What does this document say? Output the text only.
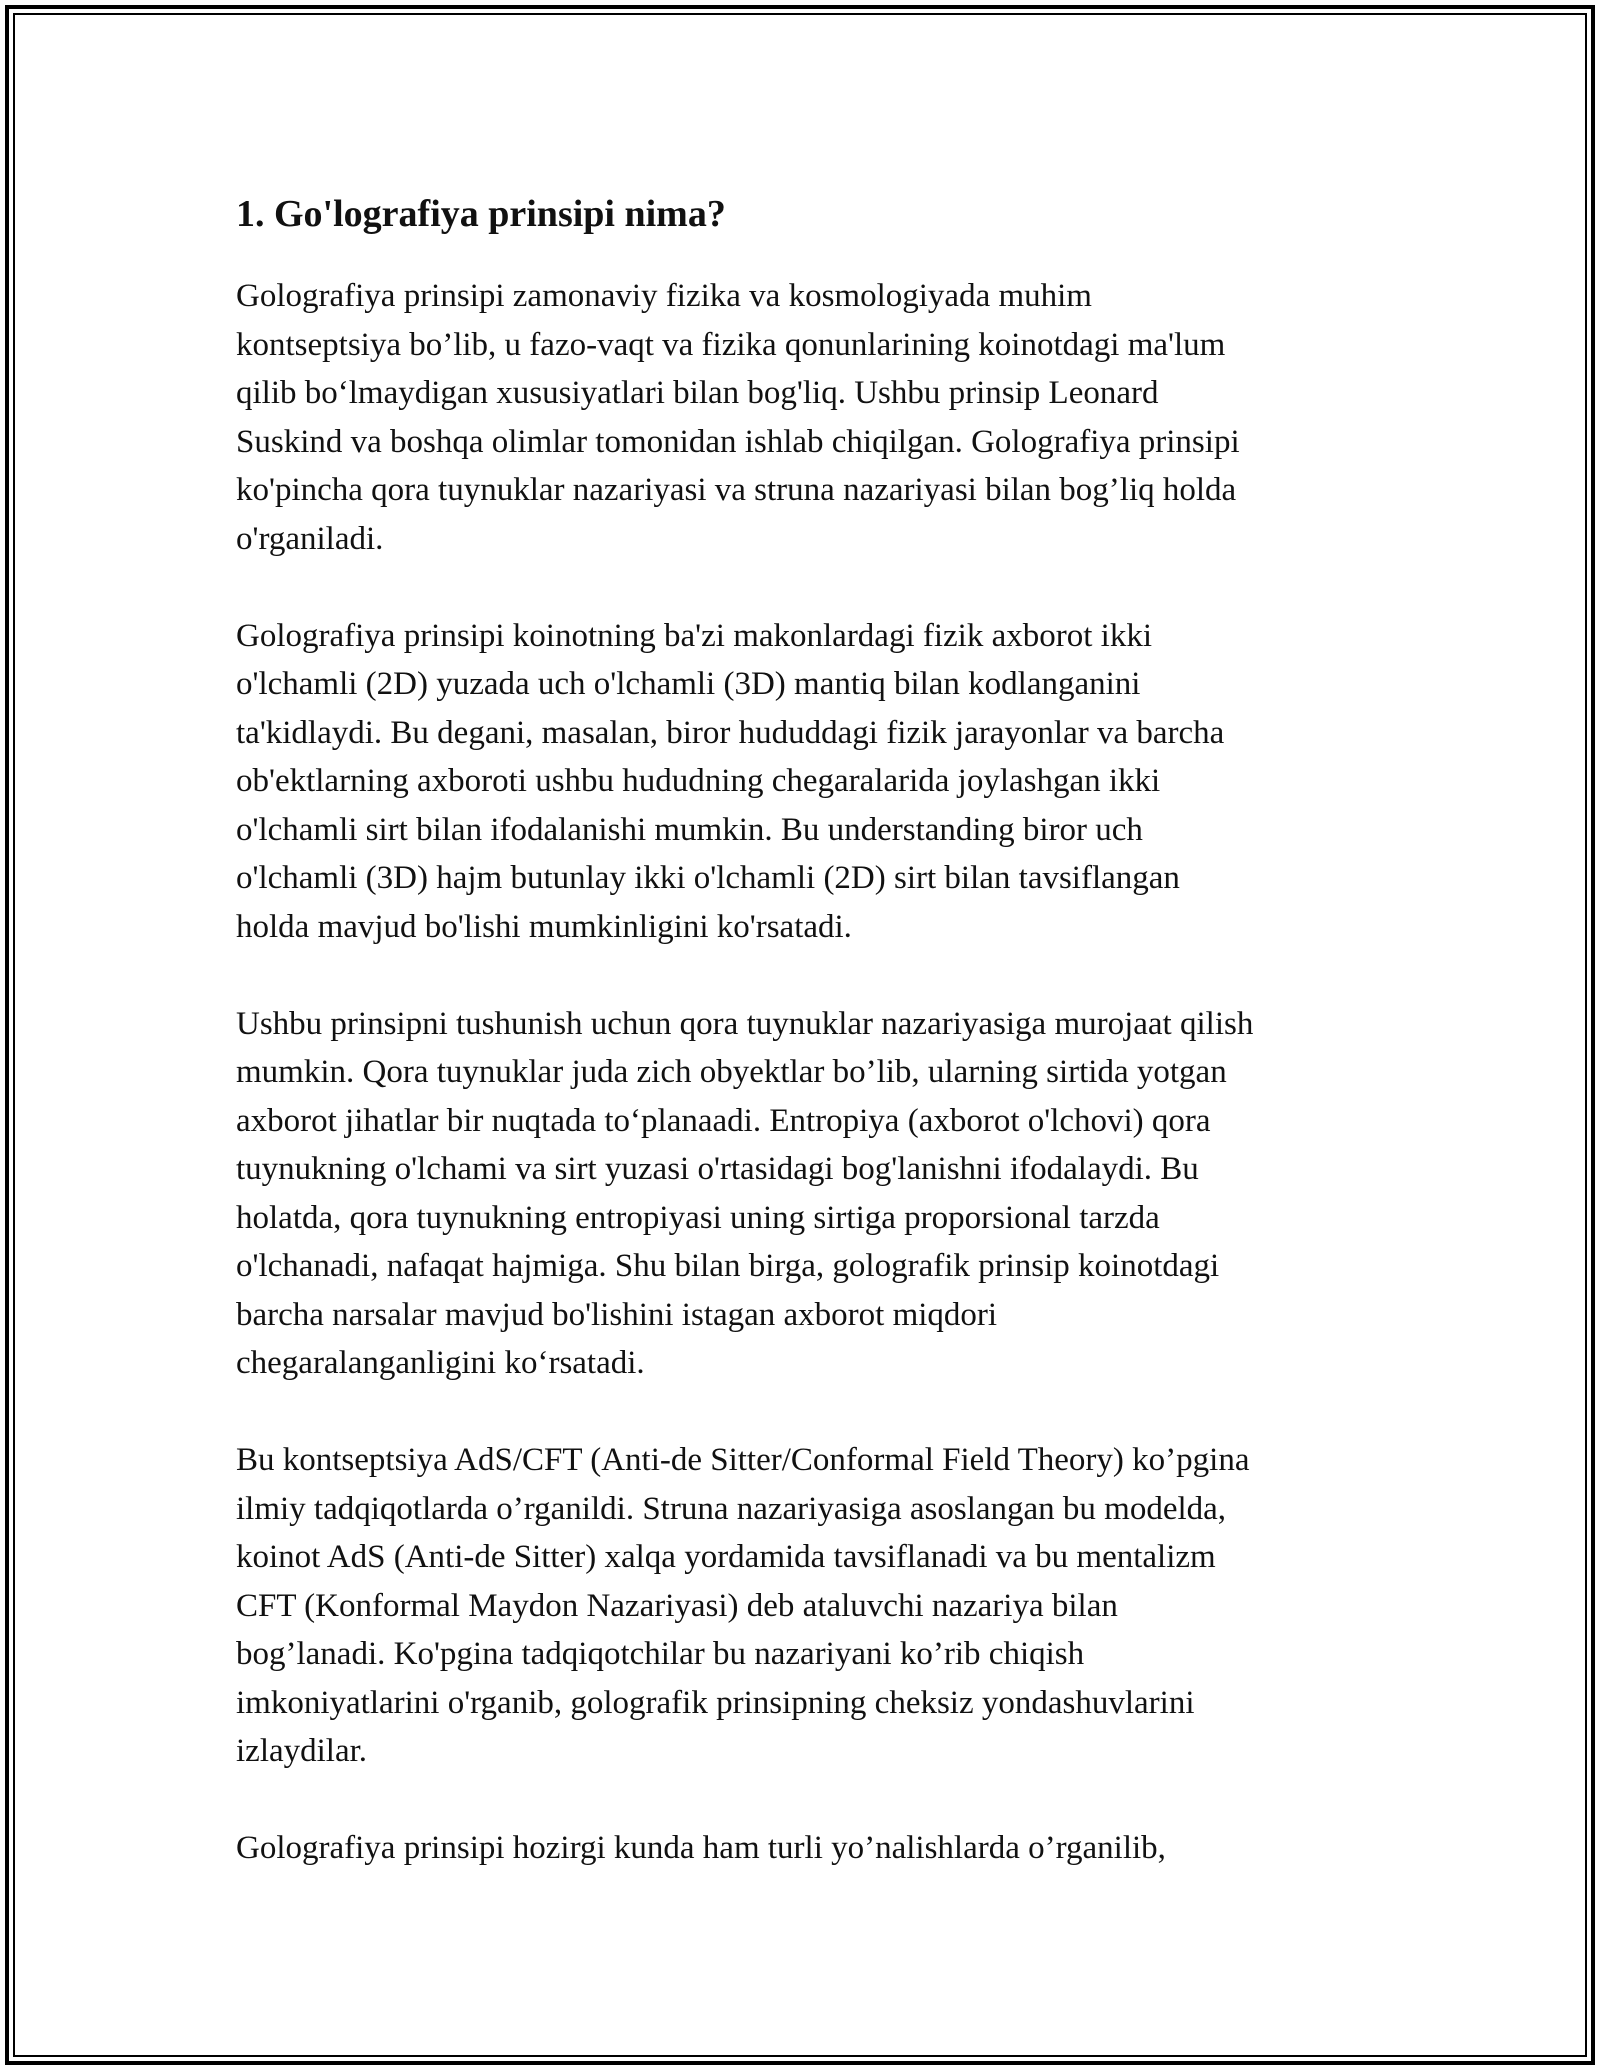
1. Go'lografiya prinsipi nima?

Golografiya prinsipi zamonaviy fizika va kosmologiyada muhim
kontseptsiya bo’lib, u fazo-vaqt va fizika qonunlarining koinotdagi ma'lum
qilib bo‘lmaydigan xususiyatlari bilan bog'liq. Ushbu prinsip Leonard
Suskind va boshqa olimlar tomonidan ishlab chiqilgan. Golografiya prinsipi
ko'pincha qora tuynuklar nazariyasi va struna nazariyasi bilan bog’liq holda
o'rganiladi.

Golografiya prinsipi koinotning ba'zi makonlardagi fizik axborot ikki
o'lchamli (2D) yuzada uch o'lchamli (3D) mantiq bilan kodlanganini
ta'kidlaydi. Bu degani, masalan, biror hududdagi fizik jarayonlar va barcha
ob'ektlarning axboroti ushbu hududning chegaralarida joylashgan ikki
o'lchamli sirt bilan ifodalanishi mumkin. Bu understanding biror uch
o'lchamli (3D) hajm butunlay ikki o'lchamli (2D) sirt bilan tavsiflangan
holda mavjud bo'lishi mumkinligini ko'rsatadi.

Ushbu prinsipni tushunish uchun qora tuynuklar nazariyasiga murojaat qilish
mumkin. Qora tuynuklar juda zich obyektlar bo’lib, ularning sirtida yotgan
axborot jihatlar bir nuqtada to‘planaadi. Entropiya (axborot o'lchovi) qora
tuynukning o'lchami va sirt yuzasi o'rtasidagi bog'lanishni ifodalaydi. Bu
holatda, qora tuynukning entropiyasi uning sirtiga proporsional tarzda
o'lchanadi, nafaqat hajmiga. Shu bilan birga, golografik prinsip koinotdagi
barcha narsalar mavjud bo'lishini istagan axborot miqdori
chegaralanganligini ko‘rsatadi.

Bu kontseptsiya AdS/CFT (Anti-de Sitter/Conformal Field Theory) ko’pgina
ilmiy tadqiqotlarda o’rganildi. Struna nazariyasiga asoslangan bu modelda,
koinot AdS (Anti-de Sitter) xalqa yordamida tavsiflanadi va bu mentalizm
CFT (Konformal Maydon Nazariyasi) deb ataluvchi nazariya bilan
bog’lanadi. Ko'pgina tadqiqotchilar bu nazariyani ko’rib chiqish
imkoniyatlarini o'rganib, golografik prinsipning cheksiz yondashuvlarini
izlaydilar.

Golografiya prinsipi hozirgi kunda ham turli yo’nalishlarda o’rganilib,
